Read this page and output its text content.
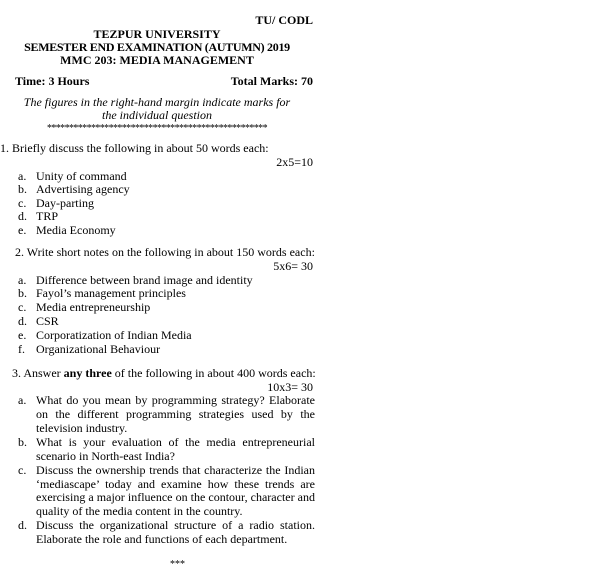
TU/ CODL
TEZPUR UNIVERSITY
SEMESTER END EXAMINATION (AUTUMN) 2019
MMC 203: MEDIA MANAGEMENT
Time: 3 Hours	Total Marks: 70
The figures in the right-hand margin indicate marks for
the individual question
**************************************************
1. Briefly discuss the following in about 50 words each:
2x5=10
a. Unity of command
b. Advertising agency
c. Day-parting
d. TRP
e. Media Economy
2. Write short notes on the following in about 150 words each:
5x6= 30
a. Difference between brand image and identity
b. Fayol’s management principles
c. Media entrepreneurship
d. CSR
e. Corporatization of Indian Media
f. Organizational Behaviour
3. Answer any three of the following in about 400 words each:
10x3= 30
a. What do you mean by programming strategy? Elaborate
on the different programming strategies used by the
television industry.
b. What is your evaluation of the media entrepreneurial
scenario in North-east India?
c. Discuss the ownership trends that characterize the Indian
‘mediascape’ today and examine how these trends are
exercising a major influence on the contour, character and
quality of the media content in the country.
d. Discuss the organizational structure of a radio station.
Elaborate the role and functions of each department.
***
